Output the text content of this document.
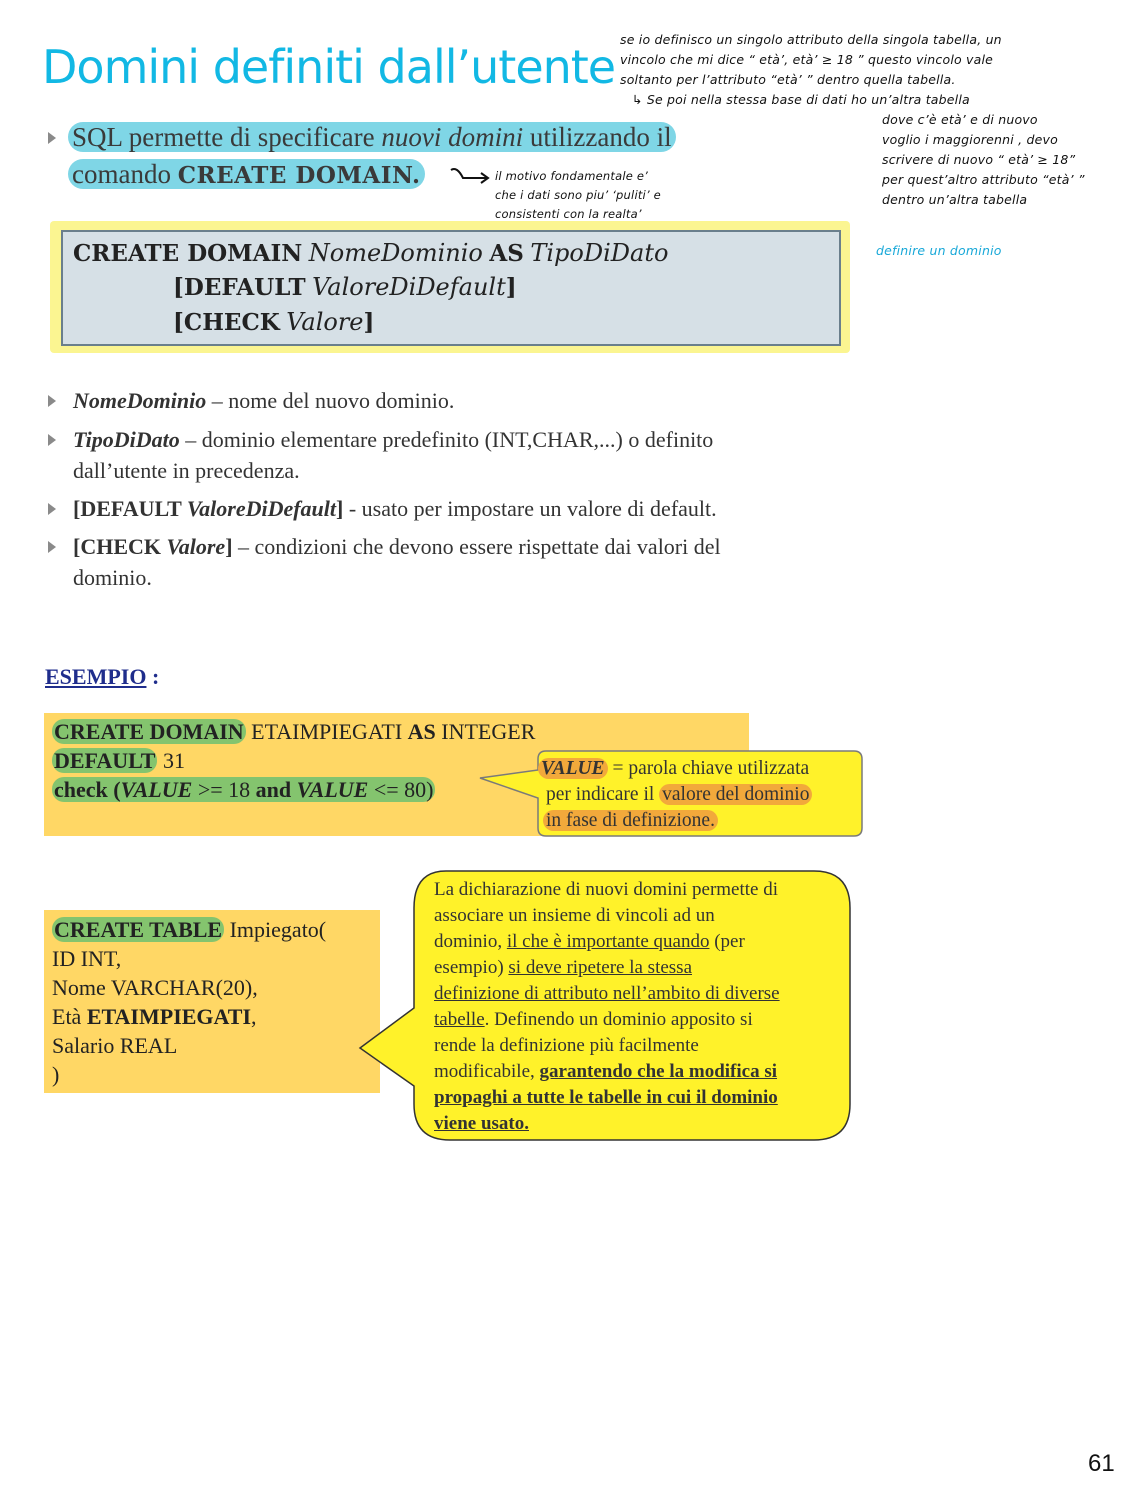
Domini definiti dall’utente
se io definisco un singolo attributo della singola tabella, un
vincolo che mi dice “ età’, età’ ≥ 18 ” questo vincolo vale
soltanto per l’attributo “età’ ” dentro quella tabella.
↳ Se poi nella stessa base di dati ho un’altra tabella
dove c’è età’ e di nuovo
voglio i maggiorenni , devo
scrivere di nuovo “ età’ ≥ 18”
per quest’altro attributo “età’ ”
dentro un’altra tabella
definire un dominio
SQL permette di specificare nuovi domini utilizzando il
comando CREATE DOMAIN.	il motivo fondamentale e’
che i dati sono piu’ ‘puliti’ e
consistenti con la realta’
CREATE DOMAIN NomeDominio AS TipoDiDato
[DEFAULT ValoreDiDefault]
[CHECK Valore]
NomeDominio – nome del nuovo dominio.
TipoDiDato – dominio elementare predefinito (INT,CHAR,...) o definito
dall’utente in precedenza.
[DEFAULT ValoreDiDefault] - usato per impostare un valore di default.
[CHECK Valore] – condizioni che devono essere rispettate dai valori del
dominio.
ESEMPIO :
CREATE DOMAIN ETAIMPIEGATI AS INTEGER
DEFAULT 31
check (VALUE >= 18 and VALUE <= 80)
VALUE = parola chiave utilizzata
per indicare il valore del dominio
in fase di definizione.
CREATE TABLE Impiegato(
ID INT,
Nome VARCHAR(20),
Età ETAIMPIEGATI,
Salario REAL
)
La dichiarazione di nuovi domini permette di
associare un insieme di vincoli ad un
dominio, il che è importante quando (per
esempio) si deve ripetere la stessa
definizione di attributo nell’ambito di diverse
tabelle. Definendo un dominio apposito si
rende la definizione più facilmente
modificabile, garantendo che la modifica si
propaghi a tutte le tabelle in cui il dominio
viene usato.
61
